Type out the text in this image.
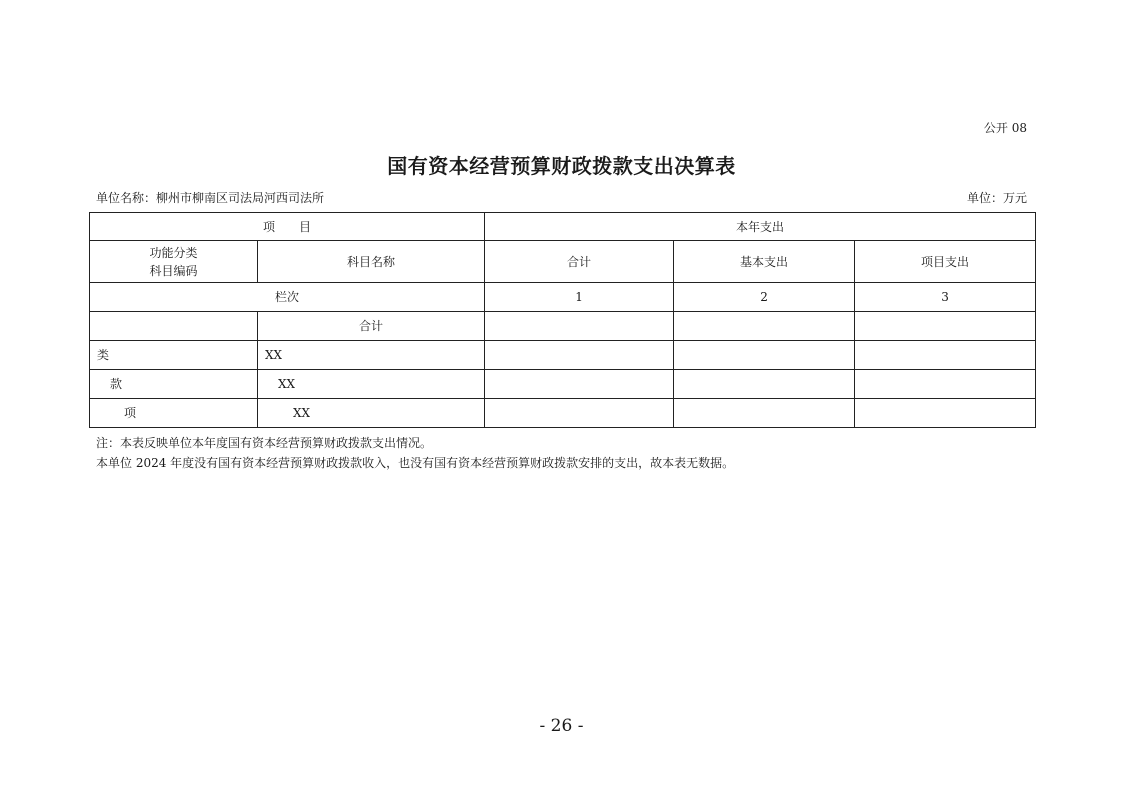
公开 08
国有资本经营预算财政拨款支出决算表
单位名称：柳州市柳南区司法局河西司法所	单位：万元
项　　目		本年支出		

功能分类
科目编码	科目名称	合计	基本支出	项目支出
栏次		1	2	3
	合计			
类	XX			
款	XX			
项	XX			
注：本表反映单位本年度国有资本经营预算财政拨款支出情况。
本单位 2024 年度没有国有资本经营预算财政拨款收入，也没有国有资本经营预算财政拨款安排的支出，故本表无数据。
- 26 -
